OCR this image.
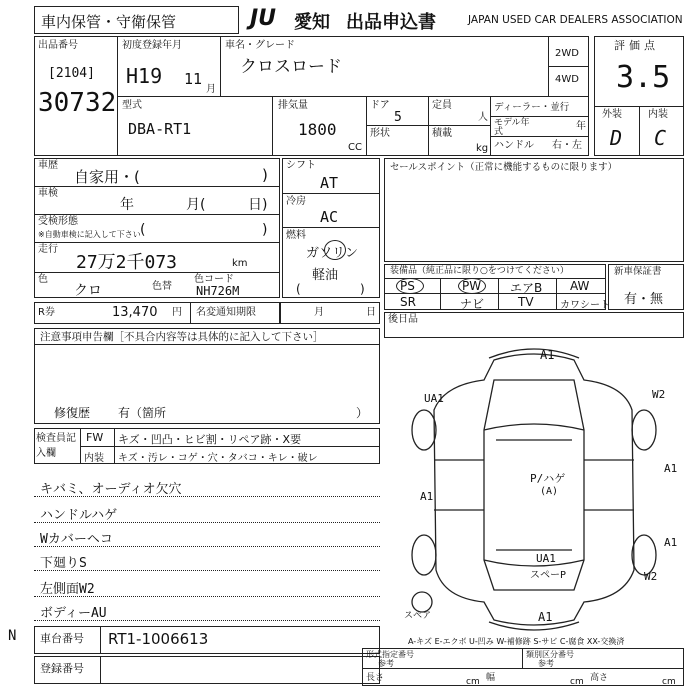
車内保管・守衛保管	JU 愛知 出品申込書	JAPAN USED CAR DEALERS ASSOCIATION
出品番号
[2104]
30732
初度登録年月
H19 11
月
車名・グレード
クロスロード
2WD
4WD
型式
DBA-RT1
排気量
1800
CC
ドア
5
形状
定員
人
積載
kg
ディーラー・並行
モデル年式	年
ハンドル 右・左
評価点
3.5
外装	内装
D C
車歴
自家用・(	)
車検
年	月(	日)
受検形態
※自動車検に記入して下さい (	)
走行
27万2千073	km
色
クロ	色替
色コード
NH726M
R券	13,470 円 名変通知期限	月	日
シフト
AT
冷房
AC
燃料
ガソリン
軽油
(	)
セールスポイント（正常に機能するものに限ります）
装備品（純正品に限り○をつけてください）
PS	PW エアB AW
SR	ナビ	TV	カワシート
新車保証書
有・無
後日品
注意事項申告欄［不具合内容等は具体的に記入して下さい］
修復歴 有（箇所	）
検査員記入欄
FW キズ・凹凸・ヒビ割・リペア跡・X要
内装 キズ・汚レ・コゲ・穴・タバコ・キレ・破レ
キバミ、オーディオ欠穴
ハンドルハゲ
Wカバーヘコ
下廻りS
左側面W2
ボディーAU
A1
UA1	W2
A1
A1
A1
P/ハゲ
(A)
UA1
スペーP	W2
A1
スペア
A-キズ E-エクボ U-凹み W-補修跡 S-サビ C-腐食 XX-交換済
N 車台番号 RT1-1006613
登録番号
形式指定番号
参考
類別区分番号
参考
長さ	cm 幅	cm 高さ	cm
